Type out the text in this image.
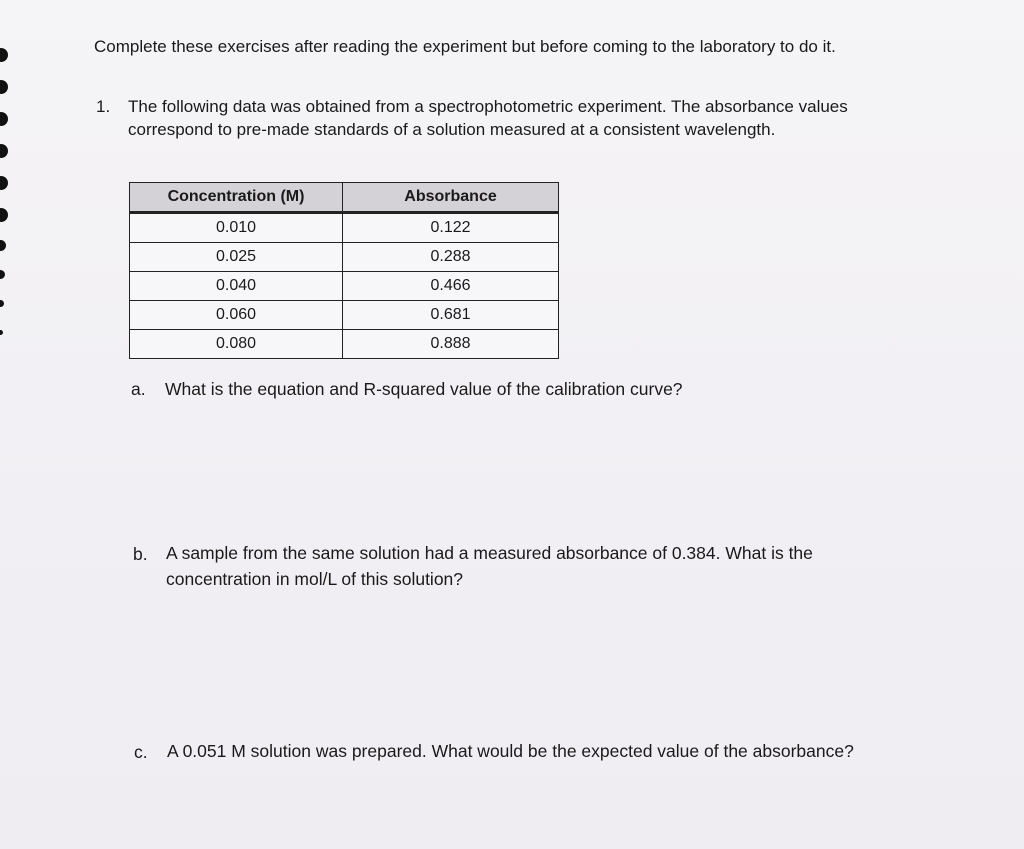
Complete these exercises after reading the experiment but before coming to the laboratory to do it.

1. The following data was obtained from a spectrophotometric experiment. The absorbance values correspond to pre-made standards of a solution measured at a consistent wavelength.

Concentration (M)	Absorbance
0.010	0.122
0.025	0.288
0.040	0.466
0.060	0.681
0.080	0.888
a. What is the equation and R-squared value of the calibration curve?

b. A sample from the same solution had a measured absorbance of 0.384. What is the concentration in mol/L of this solution?

c. A 0.051 M solution was prepared. What would be the expected value of the absorbance?
